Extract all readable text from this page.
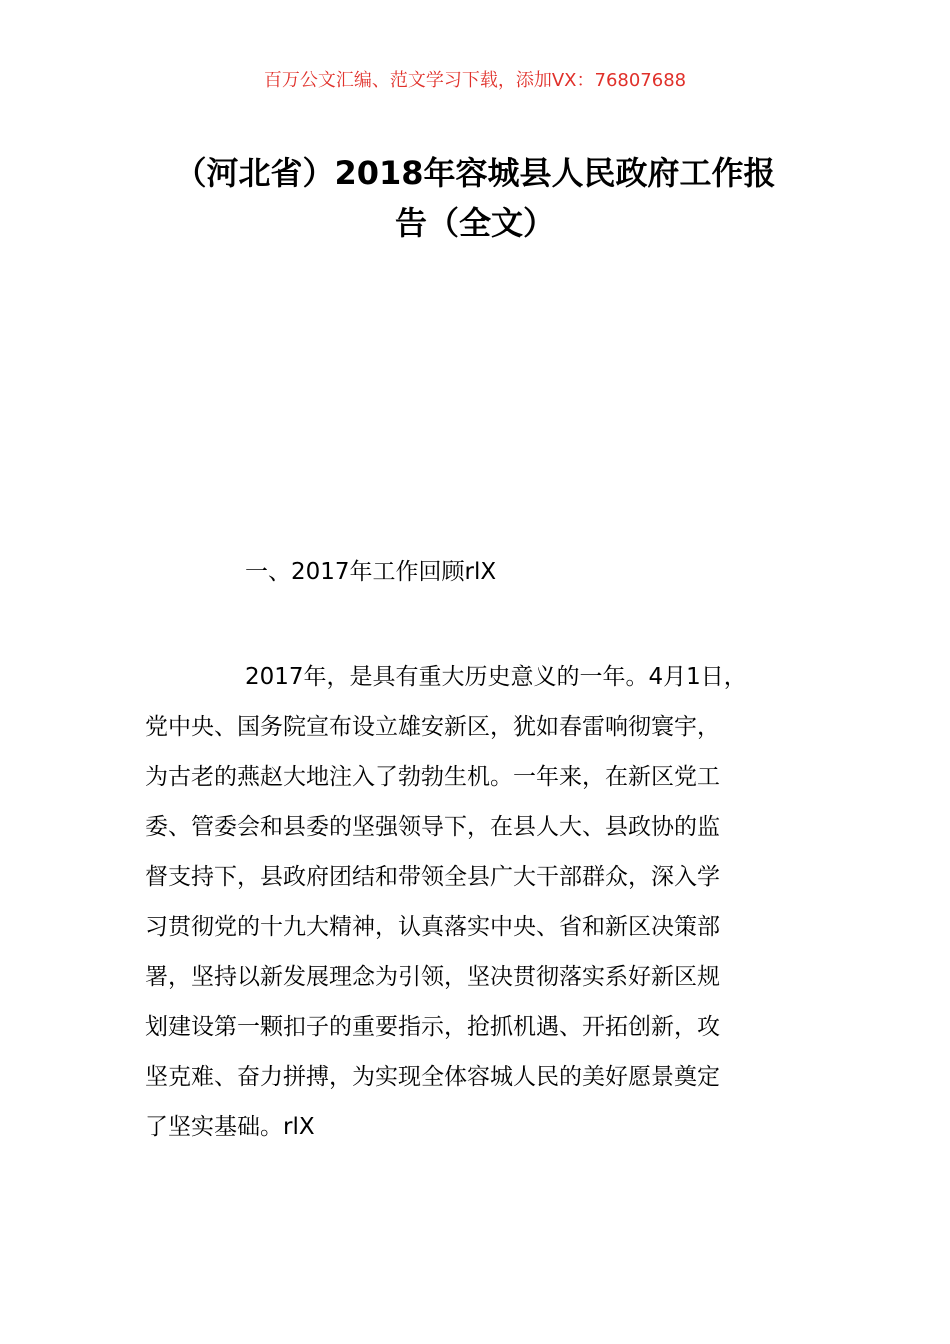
百万公文汇编、范文学习下载，添加VX：76807688
（河北省）2018年容城县人民政府工作报
告（全文）
一、2017年工作回顾rlX
2017年，是具有重大历史意义的一年。4月1日，
党中央、国务院宣布设立雄安新区，犹如春雷响彻寰宇，
为古老的燕赵大地注入了勃勃生机。一年来，在新区党工
委、管委会和县委的坚强领导下，在县人大、县政协的监
督支持下，县政府团结和带领全县广大干部群众，深入学
习贯彻党的十九大精神，认真落实中央、省和新区决策部
署，坚持以新发展理念为引领，坚决贯彻落实系好新区规
划建设第一颗扣子的重要指示，抢抓机遇、开拓创新，攻
坚克难、奋力拼搏，为实现全体容城人民的美好愿景奠定
了坚实基础。rlX
